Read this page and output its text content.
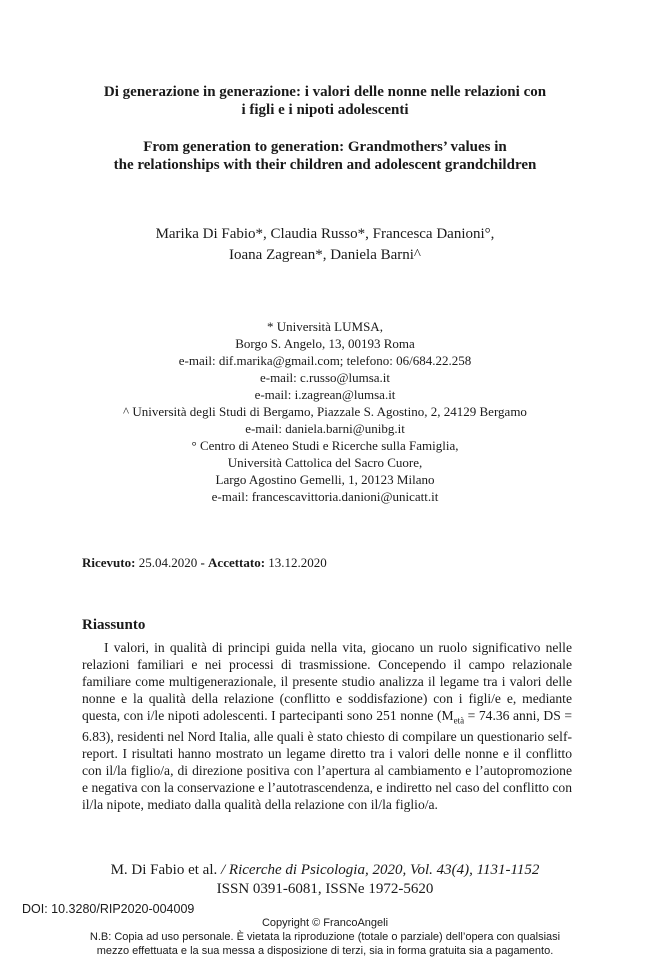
Di generazione in generazione: i valori delle nonne nelle relazioni con
i figli e i nipoti adolescenti
From generation to generation: Grandmothers’ values in
the relationships with their children and adolescent grandchildren
Marika Di Fabio*, Claudia Russo*, Francesca Danioni°,
Ioana Zagrean*, Daniela Barni^
* Università LUMSA,
Borgo S. Angelo, 13, 00193 Roma
e-mail: dif.marika@gmail.com; telefono: 06/684.22.258
e-mail: c.russo@lumsa.it
e-mail: i.zagrean@lumsa.it
^ Università degli Studi di Bergamo, Piazzale S. Agostino, 2, 24129 Bergamo
e-mail: daniela.barni@unibg.it
° Centro di Ateneo Studi e Ricerche sulla Famiglia,
Università Cattolica del Sacro Cuore,
Largo Agostino Gemelli, 1, 20123 Milano
e-mail: francescavittoria.danioni@unicatt.it
Ricevuto: 25.04.2020 - Accettato: 13.12.2020
Riassunto

I valori, in qualità di principi guida nella vita, giocano un ruolo significativo nelle relazioni familiari e nei processi di trasmissione. Concependo il campo relazionale familiare come multigenerazionale, il presente studio analizza il legame tra i valori delle nonne e la qualità della relazione (conflitto e soddisfazione) con i figli/e e, mediante questa, con i/le nipoti adolescenti. I partecipanti sono 251 nonne ($M_{età} = 74.36$ anni, DS = 6.83), residenti nel Nord Italia, alle quali è stato chiesto di compilare un questionario self-report. I risultati hanno mostrato un legame diretto tra i valori delle nonne e il conflitto con il/la figlio/a, di direzione positiva con l’apertura al cambiamento e l’autopromozione e negativa con la conservazione e l’autotrascendenza, e indiretto nel caso del conflitto con il/la nipote, mediato dalla qualità della relazione con il/la figlio/a.

M. Di Fabio et al. / Ricerche di Psicologia, 2020, Vol. 43(4), 1131-1152
ISSN 0391-6081, ISSNe 1972-5620
DOI: 10.3280/RIP2020-004009
Copyright © FrancoAngeli
N.B: Copia ad uso personale. È vietata la riproduzione (totale o parziale) dell’opera con qualsiasi
mezzo effettuata e la sua messa a disposizione di terzi, sia in forma gratuita sia a pagamento.
